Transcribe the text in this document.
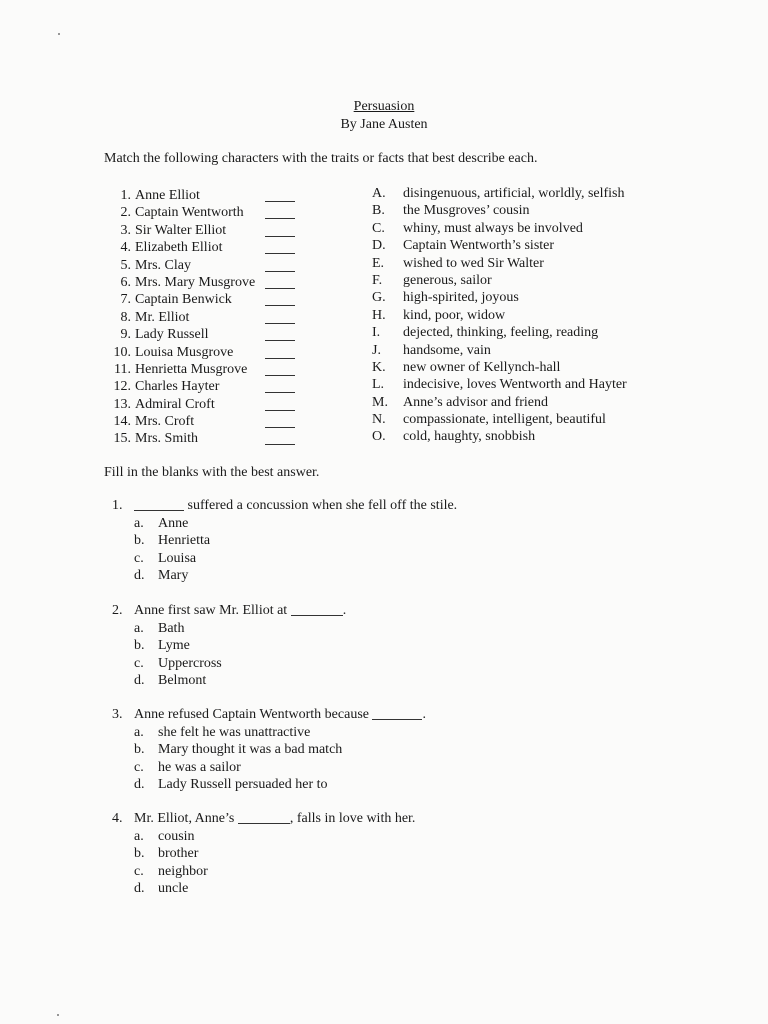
Persuasion
By Jane Austen
Match the following characters with the traits or facts that best describe each.
1. Anne Elliot
2. Captain Wentworth
3. Sir Walter Elliot
4. Elizabeth Elliot
5. Mrs. Clay
6. Mrs. Mary Musgrove
7. Captain Benwick
8. Mr. Elliot
9. Lady Russell
10. Louisa Musgrove
11. Henrietta Musgrove
12. Charles Hayter
13. Admiral Croft
14. Mrs. Croft
15. Mrs. Smith
A. disingenuous, artificial, worldly, selfish
B. the Musgroves’ cousin
C. whiny, must always be involved
D. Captain Wentworth’s sister
E. wished to wed Sir Walter
F. generous, sailor
G. high-spirited, joyous
H. kind, poor, widow
I. dejected, thinking, feeling, reading
J. handsome, vain
K. new owner of Kellynch-hall
L. indecisive, loves Wentworth and Hayter
M. Anne’s advisor and friend
N. compassionate, intelligent, beautiful
O. cold, haughty, snobbish
Fill in the blanks with the best answer.
1.	suffered a concussion when she fell off the stile.
a. Anne
b. Henrietta
c. Louisa
d. Mary
2. Anne first saw Mr. Elliot at	.
a. Bath
b. Lyme
c. Uppercross
d. Belmont
3. Anne refused Captain Wentworth because	.
a. she felt he was unattractive
b. Mary thought it was a bad match
c. he was a sailor
d. Lady Russell persuaded her to
4. Mr. Elliot, Anne’s	, falls in love with her.
a. cousin
b. brother
c. neighbor
d. uncle
